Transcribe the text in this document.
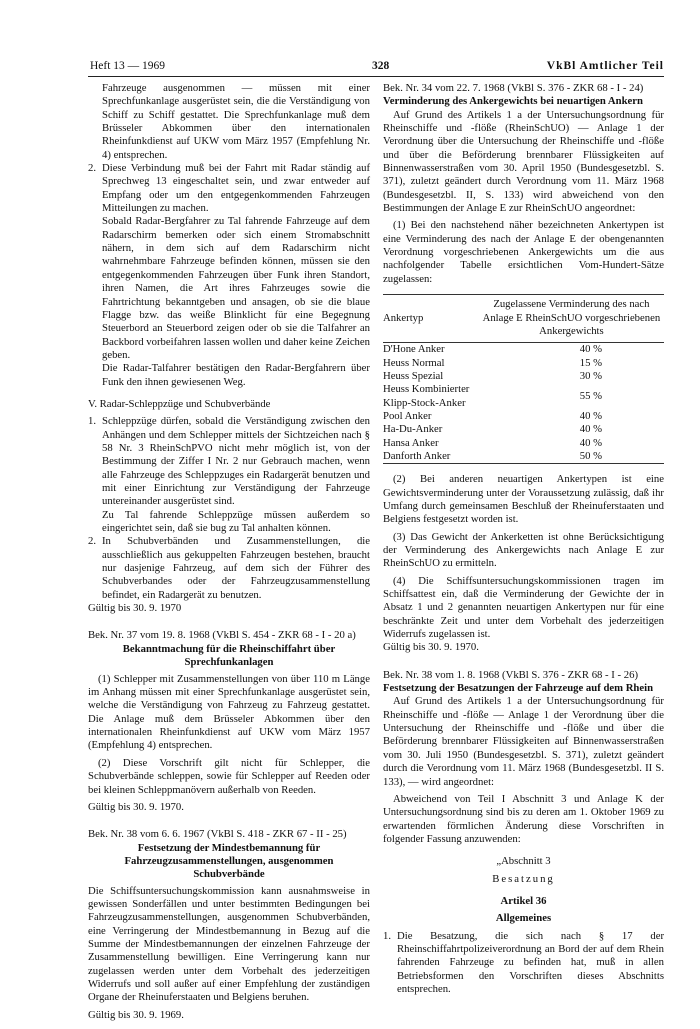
Heft 13 — 1969	328	VkBl Amtlicher Teil

Fahrzeuge ausgenommen — müssen mit einer Sprechfunkanlage ausgerüstet sein, die die Verständigung von Schiff zu Schiff gestattet. Die Sprechfunkanlage muß dem Brüsseler Abkommen über den internationalen Rheinfunkdienst auf UKW vom März 1957 (Empfehlung Nr. 4) entsprechen.

2. Diese Verbindung muß bei der Fahrt mit Radar ständig auf Sprechweg 13 eingeschaltet sein, und zwar entweder auf Empfang oder um den entgegenkommenden Fahrzeugen Mitteilungen zu machen.

Sobald Radar-Bergfahrer zu Tal fahrende Fahrzeuge auf dem Radarschirm bemerken oder sich einem Stromabschnitt nähern, in dem sich auf dem Radarschirm nicht wahrnehmbare Fahrzeuge befinden können, müssen sie den entgegenkommenden Fahrzeugen über Funk ihren Standort, ihren Namen, die Art ihres Fahrzeuges sowie die Fahrtrichtung bekanntgeben und ansagen, ob sie die blaue Flagge bzw. das weiße Blinklicht für eine Begegnung Steuerbord an Steuerbord zeigen oder ob sie die Talfahrer an Backbord vorbeifahren lassen wollen und daher keine Zeichen geben.

Die Radar-Talfahrer bestätigen den Radar-Bergfahrern über Funk den ihnen gewiesenen Weg.

V. Radar-Schleppzüge und Schubverbände

1. Schleppzüge dürfen, sobald die Verständigung zwischen den Anhängen und dem Schlepper mittels der Sichtzeichen nach § 58 Nr. 3 RheinSchPVO nicht mehr möglich ist, von der Bestimmung der Ziffer I Nr. 2 nur Gebrauch machen, wenn alle Fahrzeuge des Schleppzuges ein Radargerät benutzen und mit einer Einrichtung zur Verständigung der Fahrzeuge untereinander ausgerüstet sind.

Zu Tal fahrende Schleppzüge müssen außerdem so eingerichtet sein, daß sie bug zu Tal anhalten können.

2. In Schubverbänden und Zusammenstellungen, die ausschließlich aus gekuppelten Fahrzeugen bestehen, braucht nur dasjenige Fahrzeug, auf dem sich der Führer des Schubverbandes oder der Fahrzeugzusammenstellung befindet, ein Radargerät zu benutzen.

Gültig bis 30. 9. 1970

Bek. Nr. 37 vom 19. 8. 1968 (VkBl S. 454 - ZKR 68 - I - 20 a)

Bekanntmachung für die Rheinschiffahrt über Sprechfunkanlagen

(1) Schlepper mit Zusammenstellungen von über 110 m Länge im Anhang müssen mit einer Sprechfunkanlage ausgerüstet sein, welche die Verständigung von Fahrzeug zu Fahrzeug gestattet. Die Anlage muß dem Brüsseler Abkommen über den internationalen Rheinfunkdienst auf UKW vom März 1957 (Empfehlung 4) entsprechen.

(2) Diese Vorschrift gilt nicht für Schlepper, die Schubverbände schleppen, sowie für Schlepper auf Reeden oder bei kleinen Schleppmanövern außerhalb von Reeden.

Gültig bis 30. 9. 1970.

Bek. Nr. 38 vom 6. 6. 1967 (VkBl S. 418 - ZKR 67 - II - 25)

Festsetzung der Mindestbemannung für Fahrzeugzusammenstellungen, ausgenommen Schubverbände

Die Schiffsuntersuchungskommission kann ausnahmsweise in gewissen Sonderfällen und unter bestimmten Bedingungen bei Fahrzeugzusammenstellungen, ausgenommen Schubverbänden, eine Verringerung der Mindestbemannung in Bezug auf die Summe der Mindestbemannungen der einzelnen Fahrzeuge der Zusammenstellung bewilligen. Eine Verringerung kann nur zugelassen werden unter dem Vorbehalt des jederzeitigen Widerrufs und soll außer auf einer Empfehlung der zuständigen Organe der Rheinuferstaaten und Belgiens beruhen.

Gültig bis 30. 9. 1969.

Bek. Nr. 34 vom 22. 7. 1968 (VkBl S. 376 - ZKR 68 - I - 24)

Verminderung des Ankergewichts bei neuartigen Ankern

Auf Grund des Artikels 1 a der Untersuchungsordnung für Rheinschiffe und -flöße (RheinSchUO) — Anlage 1 der Verordnung über die Untersuchung der Rheinschiffe und -flöße und über die Beförderung brennbarer Flüssigkeiten auf Binnenwasserstraßen vom 30. April 1950 (Bundesgesetzbl. S. 371), zuletzt geändert durch Verordnung vom 11. März 1968 (Bundesgesetzbl. II, S. 133) wird abweichend von den Bestimmungen der Anlage E zur RheinSchUO angeordnet:

(1) Bei den nachstehend näher bezeichneten Ankertypen ist eine Verminderung des nach der Anlage E der obengenannten Verordnung vorgeschriebenen Ankergewichts um die aus nachfolgender Tabelle ersichtlichen Vom-Hundert-Sätze zugelassen:

Ankertyp	Zugelassene Verminderung des nach Anlage E RheinSchUO vorgeschriebenen Ankergewichts
D'Hone Anker	40 %
Heuss Normal	15 %
Heuss Spezial	30 %
Heuss Kombinierter Klipp-Stock-Anker	55 %
Pool Anker	40 %
Ha-Du-Anker	40 %
Hansa Anker	40 %
Danforth Anker	50 %

(2) Bei anderen neuartigen Ankertypen ist eine Gewichtsverminderung unter der Voraussetzung zulässig, daß ihr Umfang durch gemeinsamen Beschluß der Rheinuferstaaten und Belgiens festgesetzt worden ist.

(3) Das Gewicht der Ankerketten ist ohne Berücksichtigung der Verminderung des Ankergewichts nach Anlage E zur RheinSchUO zu ermitteln.

(4) Die Schiffsuntersuchungskommissionen tragen im Schiffsattest ein, daß die Verminderung der Gewichte der in Absatz 1 und 2 genannten neuartigen Ankertypen nur für eine beschränkte Zeit und unter dem Vorbehalt des jederzeitigen Widerrufs zugelassen ist.

Gültig bis 30. 9. 1970.

Bek. Nr. 38 vom 1. 8. 1968 (VkBl S. 376 - ZKR 68 - I - 26)

Festsetzung der Besatzungen der Fahrzeuge auf dem Rhein

Auf Grund des Artikels 1 a der Untersuchungsordnung für Rheinschiffe und -flöße — Anlage 1 der Verordnung über die Untersuchung der Rheinschiffe und -flöße und über die Beförderung brennbarer Flüssigkeiten auf Binnenwasserstraßen vom 30. Juli 1950 (Bundesgesetzbl. S. 371), zuletzt geändert durch die Verordnung vom 11. März 1968 (Bundesgesetzbl. II S. 133), — wird angeordnet:

Abweichend von Teil I Abschnitt 3 und Anlage K der Untersuchungsordnung sind bis zu deren am 1. Oktober 1969 zu erwartenden förmlichen Änderung diese Vorschriften in folgender Fassung anzuwenden:

„Abschnitt 3

Besatzung

Artikel 36

Allgemeines

1. Die Besatzung, die sich nach § 17 der Rheinschiffahrtpolizeiverordnung an Bord der auf dem Rhein fahrenden Fahrzeuge zu befinden hat, muß in allen Betriebsformen den Vorschriften dieses Abschnitts entsprechen.
